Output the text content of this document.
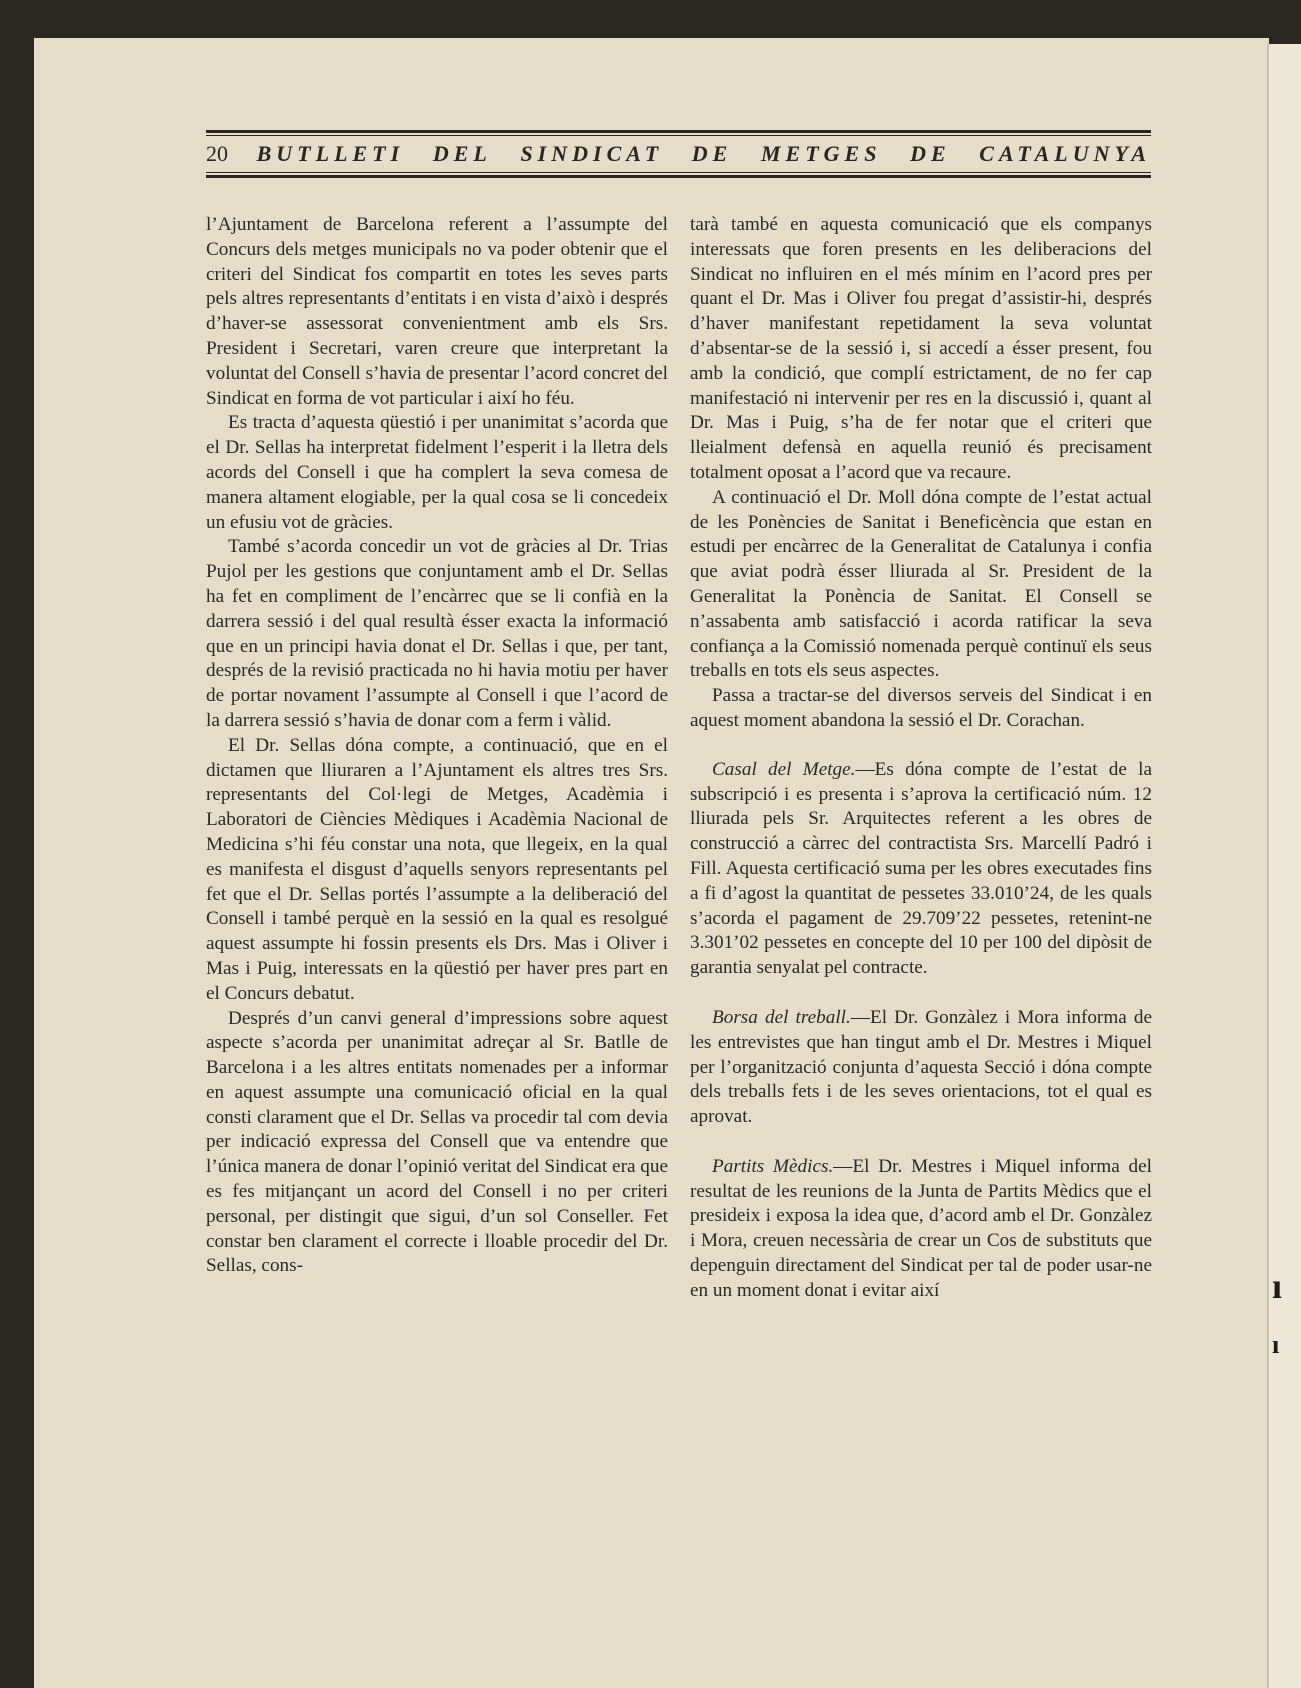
ı
ı
20 BUTLLETI DEL SINDICAT DE METGES DE CATALUNYA

l’Ajuntament de Barcelona referent a l’assumpte del Concurs dels metges municipals no va poder obtenir que el criteri del Sindicat fos compartit en totes les seves parts pels altres representants d’entitats i en vista d’això i després d’haver-se assessorat convenientment amb els Srs. President i Secretari, varen creure que interpretant la voluntat del Consell s’havia de presentar l’acord concret del Sindicat en forma de vot particular i així ho féu.

Es tracta d’aquesta qüestió i per unanimitat s’acorda que el Dr. Sellas ha interpretat fidelment l’esperit i la lletra dels acords del Consell i que ha complert la seva comesa de manera altament elogiable, per la qual cosa se li concedeix un efusiu vot de gràcies.

També s’acorda concedir un vot de gràcies al Dr. Trias Pujol per les gestions que conjuntament amb el Dr. Sellas ha fet en compliment de l’encàrrec que se li confià en la darrera sessió i del qual resultà ésser exacta la informació que en un principi havia donat el Dr. Sellas i que, per tant, després de la revisió practicada no hi havia motiu per haver de portar novament l’assumpte al Consell i que l’acord de la darrera sessió s’havia de donar com a ferm i vàlid.

El Dr. Sellas dóna compte, a continuació, que en el dictamen que lliuraren a l’Ajuntament els altres tres Srs. representants del Col·legi de Metges, Acadèmia i Laboratori de Ciències Mèdiques i Acadèmia Nacional de Medicina s’hi féu constar una nota, que llegeix, en la qual es manifesta el disgust d’aquells senyors representants pel fet que el Dr. Sellas portés l’assumpte a la deliberació del Consell i també perquè en la sessió en la qual es resolgué aquest assumpte hi fossin presents els Drs. Mas i Oliver i Mas i Puig, interessats en la qüestió per haver pres part en el Concurs debatut.

Després d’un canvi general d’impressions sobre aquest aspecte s’acorda per unanimitat adreçar al Sr. Batlle de Barcelona i a les altres entitats nomenades per a informar en aquest assumpte una comunicació oficial en la qual consti clarament que el Dr. Sellas va procedir tal com devia per indicació expressa del Consell que va entendre que l’única manera de donar l’opinió veritat del Sindicat era que es fes mitjançant un acord del Consell i no per criteri personal, per distingit que sigui, d’un sol Conseller. Fet constar ben clarament el correcte i lloable procedir del Dr. Sellas, cons-

tarà també en aquesta comunicació que els companys interessats que foren presents en les deliberacions del Sindicat no influiren en el més mínim en l’acord pres per quant el Dr. Mas i Oliver fou pregat d’assistir-hi, després d’haver manifestant repetidament la seva voluntat d’absentar-se de la sessió i, si accedí a ésser present, fou amb la condició, que complí estrictament, de no fer cap manifestació ni intervenir per res en la discussió i, quant al Dr. Mas i Puig, s’ha de fer notar que el criteri que lleialment defensà en aquella reunió és precisament totalment oposat a l’acord que va recaure.

A continuació el Dr. Moll dóna compte de l’estat actual de les Ponències de Sanitat i Beneficència que estan en estudi per encàrrec de la Generalitat de Catalunya i confia que aviat podrà ésser lliurada al Sr. President de la Generalitat la Ponència de Sanitat. El Consell se n’assabenta amb satisfacció i acorda ratificar la seva confiança a la Comissió nomenada perquè continuï els seus treballs en tots els seus aspectes.

Passa a tractar-se del diversos serveis del Sindicat i en aquest moment abandona la sessió el Dr. Corachan.

Casal del Metge.—Es dóna compte de l’estat de la subscripció i es presenta i s’aprova la certificació núm. 12 lliurada pels Sr. Arquitectes referent a les obres de construcció a càrrec del contractista Srs. Marcellí Padró i Fill. Aquesta certificació suma per les obres executades fins a fi d’agost la quantitat de pessetes 33.010’24, de les quals s’acorda el pagament de 29.709’22 pessetes, retenint-ne 3.301’02 pessetes en concepte del 10 per 100 del dipòsit de garantia senyalat pel contracte.

Borsa del treball.—El Dr. Gonzàlez i Mora informa de les entrevistes que han tingut amb el Dr. Mestres i Miquel per l’organització conjunta d’aquesta Secció i dóna compte dels treballs fets i de les seves orientacions, tot el qual es aprovat.

Partits Mèdics.—El Dr. Mestres i Miquel informa del resultat de les reunions de la Junta de Partits Mèdics que el presideix i exposa la idea que, d’acord amb el Dr. Gonzàlez i Mora, creuen necessària de crear un Cos de substituts que depenguin directament del Sindicat per tal de poder usar-ne en un moment donat i evitar així
